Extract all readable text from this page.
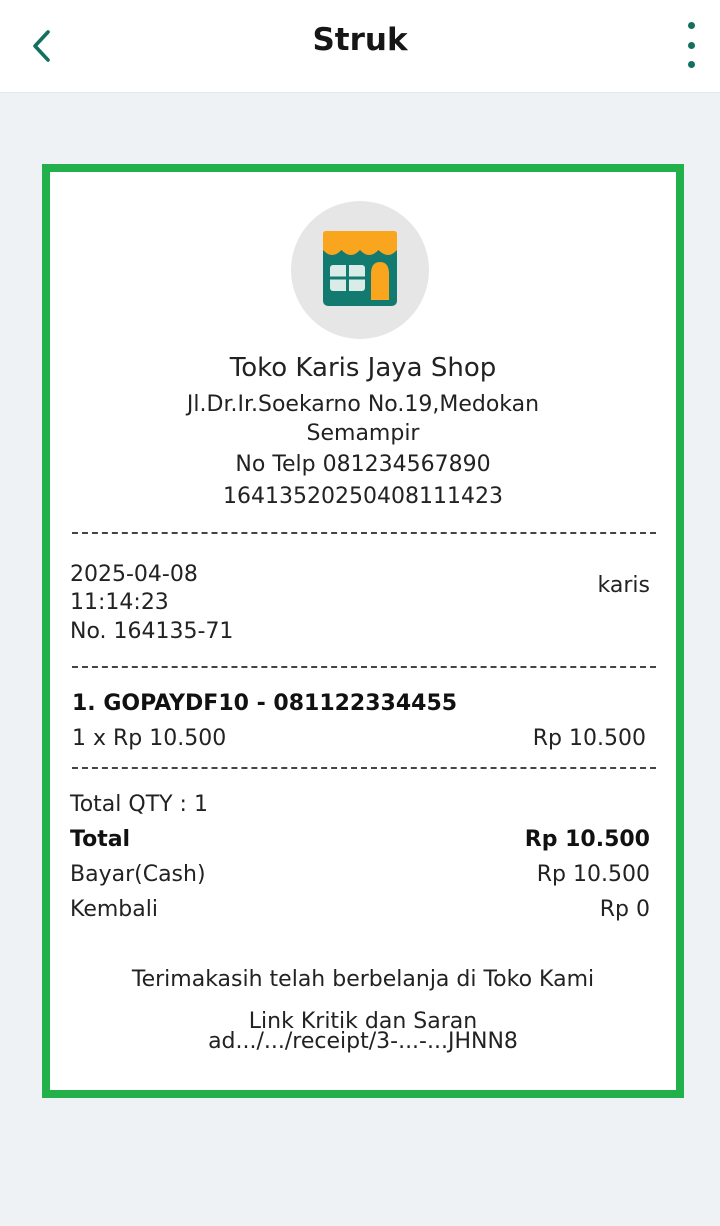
Struk
Toko Karis Jaya Shop
Jl.Dr.Ir.Soekarno No.19,Medokan
Semampir
No Telp 081234567890
16413520250408111423
2025-04-08
11:14:23
No. 164135-71
karis
1. GOPAYDF10 - 081122334455
1 x Rp 10.500	Rp 10.500
Total QTY : 1
Total	Rp 10.500
Bayar(Cash)	Rp 10.500
Kembali	Rp 0
Terimakasih telah berbelanja di Toko Kami
Link Kritik dan Saran
ad.../.../receipt/3-...-...JHNN8
